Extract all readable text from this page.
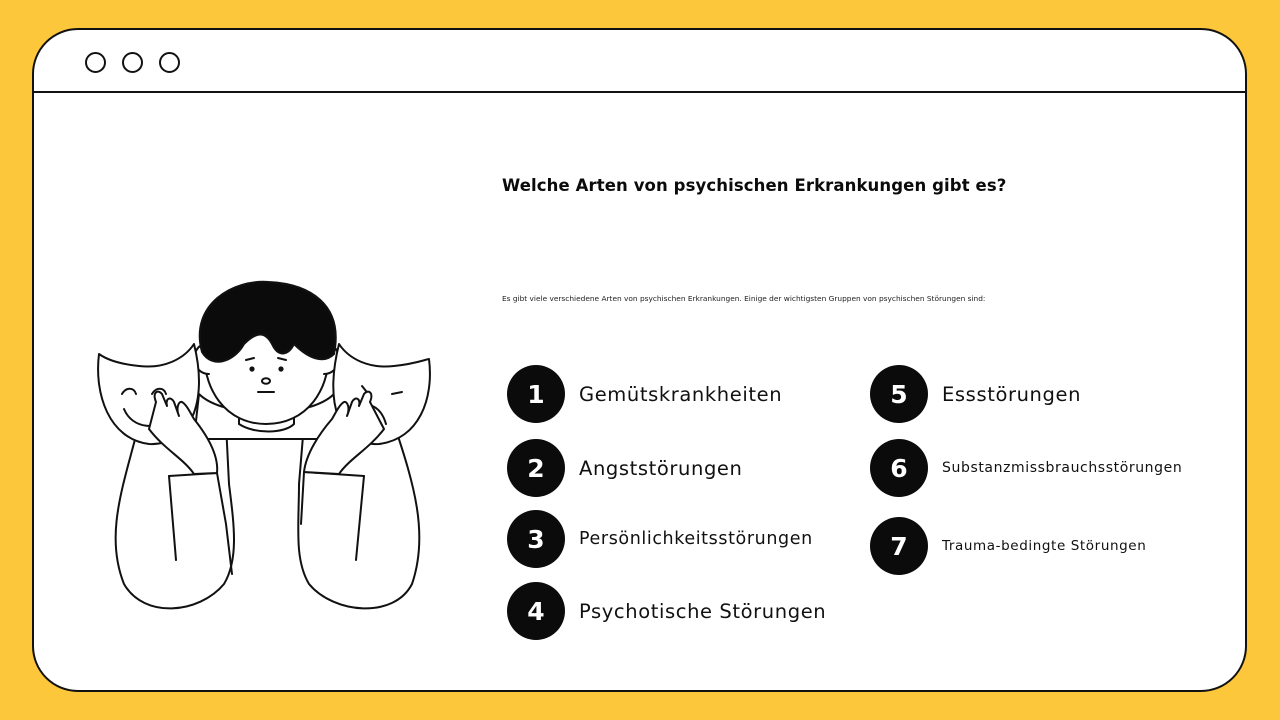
Welche Arten von psychischen Erkrankungen gibt es?
Es gibt viele verschiedene Arten von psychischen Erkrankungen. Einige der wichtigsten Gruppen von psychischen Störungen sind:
1	Gemütskrankheiten
2	Angststörungen
3	Persönlichkeitsstörungen
4	Psychotische Störungen
5	Essstörungen
6	Substanzmissbrauchsstörungen
7	Trauma-bedingte Störungen
